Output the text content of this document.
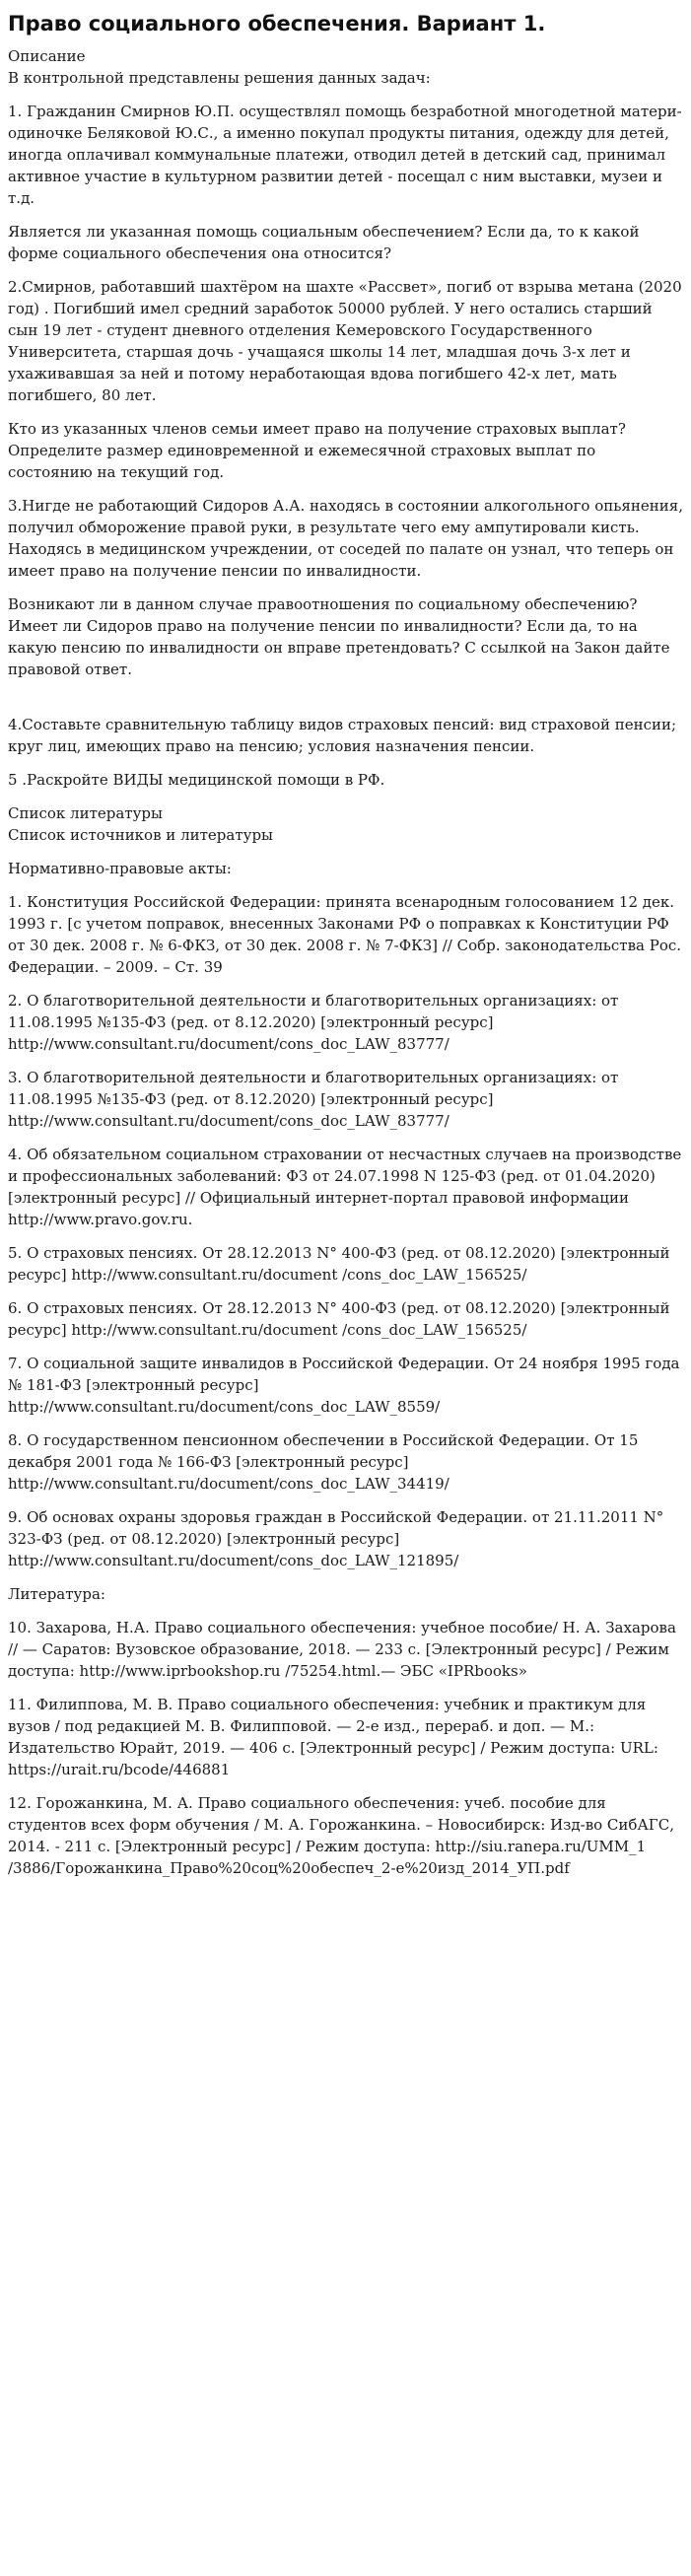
Право социального обеспечения. Вариант 1.
Описание

В контрольной представлены решения данных задач:

1. Гражданин Смирнов Ю.П. осуществлял помощь безработной многодетной матери-одиночке Беляковой Ю.С., а именно покупал продукты питания, одежду для детей, иногда оплачивал коммунальные платежи, отводил детей в детский сад, принимал активное участие в культурном развитии детей - посещал с ним выставки, музеи и т.д.

Является ли указанная помощь социальным обеспечением? Если да, то к какой форме социального обеспечения она относится?

2.Смирнов, работавший шахтёром на шахте «Рассвет», погиб от взрыва метана (2020 год) . Погибший имел средний заработок 50000 рублей. У него остались старший сын 19 лет - студент дневного отделения Кемеровского Государственного Университета, старшая дочь - учащаяся школы 14 лет, младшая дочь 3-х лет и ухаживавшая за ней и потому неработающая вдова погибшего 42-х лет, мать погибшего, 80 лет.

Кто из указанных членов семьи имеет право на получение страховых выплат? Определите размер единовременной и ежемесячной страховых выплат по состоянию на текущий год.

3.Нигде не работающий Сидоров А.А. находясь в состоянии алкогольного опьянения, получил обморожение правой руки, в результате чего ему ампутировали кисть. Находясь в медицинском учреждении, от соседей по палате он узнал, что теперь он имеет право на получение пенсии по инвалидности.

Возникают ли в данном случае правоотношения по социальному обеспечению? Имеет ли Сидоров право на получение пенсии по инвалидности? Если да, то на какую пенсию по инвалидности он вправе претендовать? С ссылкой на Закон дайте правовой ответ.

4.Составьте сравнительную таблицу видов страховых пенсий: вид страховой пенсии; круг лиц, имеющих право на пенсию; условия назначения пенсии.

5 .Раскройте ВИДЫ медицинской помощи в РФ.

Список литературы

Список источников и литературы

Нормативно-правовые акты:

1. Конституция Российской Федерации: принята всенародным голосованием 12 дек. 1993 г. [с учетом поправок, внесенных Законами РФ о поправках к Конституции РФ от 30 дек. 2008 г. № 6-ФКЗ, от 30 дек. 2008 г. № 7-ФКЗ] // Собр. законодательства Рос. Федерации. – 2009. – Ст. 39

2. О благотворительной деятельности и благотворительных организациях: от 11.08.1995 №135-ФЗ (ред. от 8.12.2020) [электронный ресурс] http://www.consultant.ru/document/cons_doc_LAW_83777/

3. О благотворительной деятельности и благотворительных организациях: от 11.08.1995 №135-ФЗ (ред. от 8.12.2020) [электронный ресурс] http://www.consultant.ru/document/cons_doc_LAW_83777/

4. Об обязательном социальном страховании от несчастных случаев на производстве и профессиональных заболеваний: ФЗ от 24.07.1998 N 125-ФЗ (ред. от 01.04.2020) [электронный ресурс] // Официальный интернет-портал правовой информации http://www.pravo.gov.ru.

5. О страховых пенсиях. От 28.12.2013 N° 400-ФЗ (ред. от 08.12.2020) [электронный ресурс] http://www.consultant.ru/document /cons_doc_LAW_156525/

6. О страховых пенсиях. От 28.12.2013 N° 400-ФЗ (ред. от 08.12.2020) [электронный ресурс] http://www.consultant.ru/document /cons_doc_LAW_156525/

7. О социальной защите инвалидов в Российской Федерации. От 24 ноября 1995 года № 181-ФЗ [электронный ресурс] http://www.consultant.ru/document/cons_doc_LAW_8559/

8. О государственном пенсионном обеспечении в Российской Федерации. От 15 декабря 2001 года № 166-ФЗ [электронный ресурс] http://www.consultant.ru/document/cons_doc_LAW_34419/

9. Об основах охраны здоровья граждан в Российской Федерации. от 21.11.2011 N° 323-ФЗ (ред. от 08.12.2020) [электронный ресурс] http://www.consultant.ru/document/cons_doc_LAW_121895/

Литература:

10. Захарова, Н.А. Право социального обеспечения: учебное пособие/ Н. А. Захарова // — Саратов: Вузовское образование, 2018. — 233 с. [Электронный ресурс] / Режим доступа: http://www.iprbookshop.ru /75254.html.— ЭБС «IPRbooks»

11. Филиппова, М. В. Право социального обеспечения: учебник и практикум для вузов / под редакцией М. В. Филипповой. — 2-е изд., перераб. и доп. — М.: Издательство Юрайт, 2019. — 406 с. [Электронный ресурс] / Режим доступа: URL: https://urait.ru/bcode/446881

12. Горожанкина, М. А. Право социального обеспечения: учеб. пособие для студентов всех форм обучения / М. А. Горожанкина. – Новосибирск: Изд-во СибАГС, 2014. - 211 с. [Электронный ресурс] / Режим доступа: http://siu.ranepa.ru/UMM_1 /3886/Горожанкина_Право%20соц%20обеспеч_2-е%20изд_2014_УП.pdf
